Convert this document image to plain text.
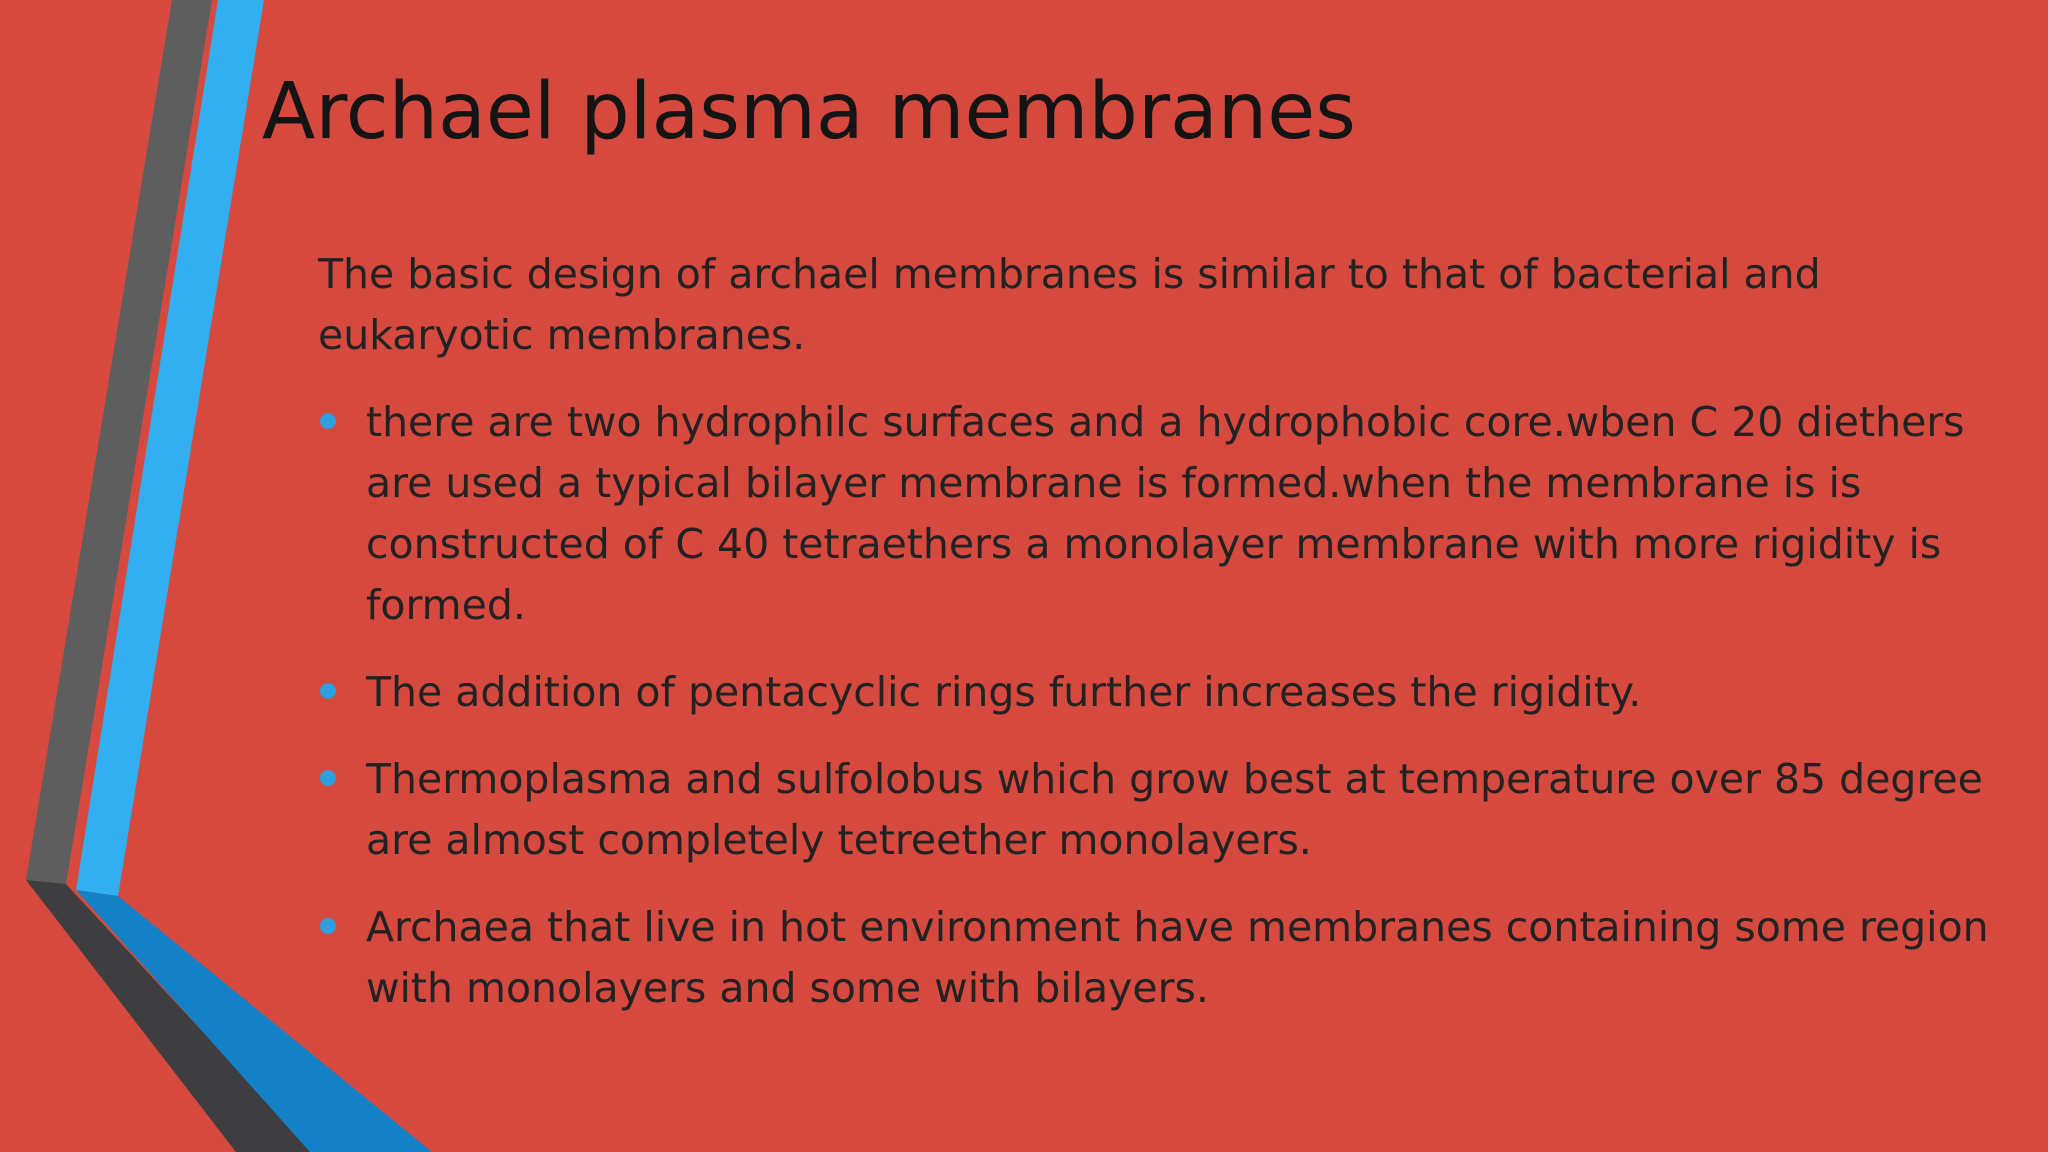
Archael plasma membranes

The basic design of archael membranes is similar to that of bacterial and eukaryotic membranes.

there are two hydrophilc surfaces and a hydrophobic core.wben C 20 diethers are used a typical bilayer membrane is formed.when the membrane is is constructed of C 40 tetraethers a monolayer membrane with more rigidity is formed.
The addition of pentacyclic rings further increases the rigidity.
Thermoplasma and sulfolobus which grow best at temperature over 85 degree are almost completely tetreether monolayers.
Archaea that live in hot environment have membranes containing some region with monolayers and some with bilayers.
